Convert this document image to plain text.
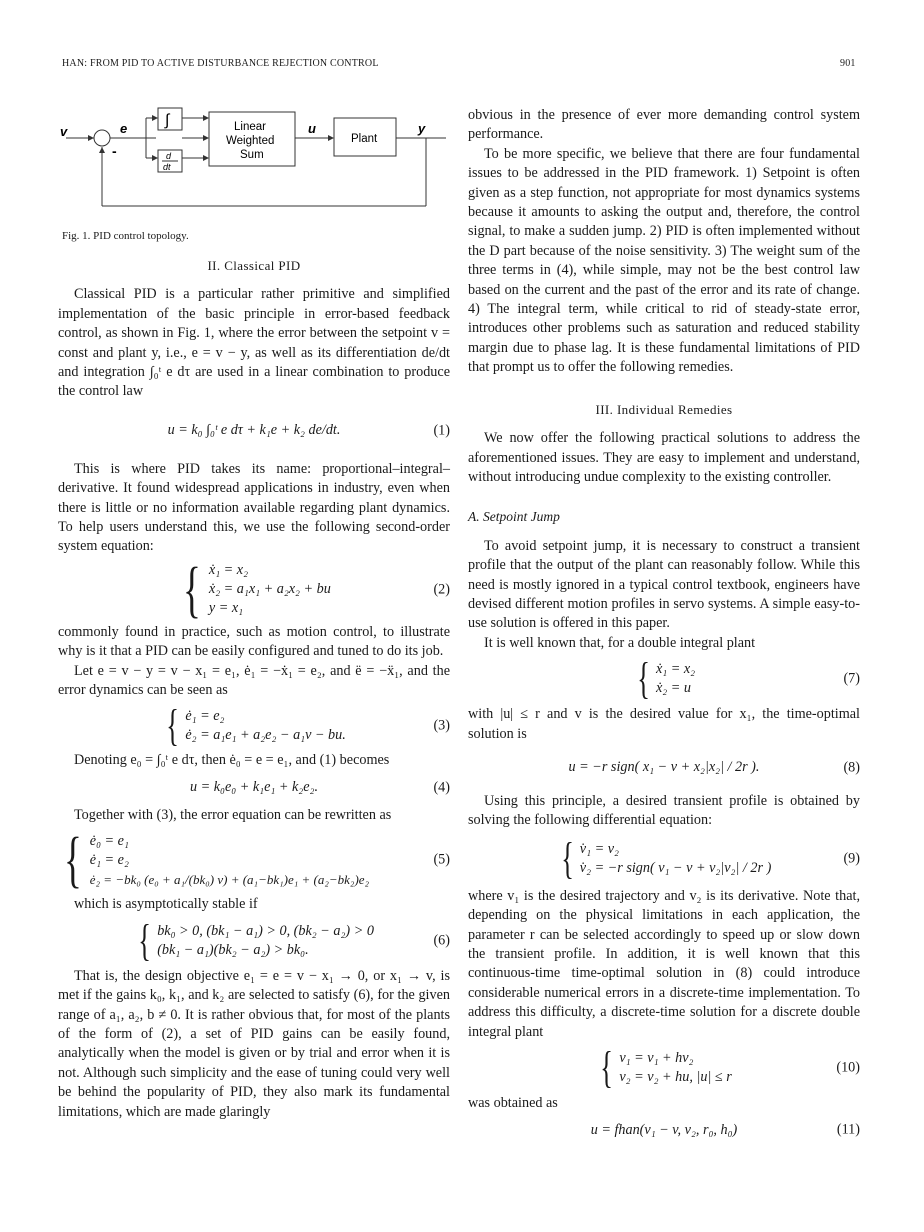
HAN: FROM PID TO ACTIVE DISTURBANCE REJECTION CONTROL	901
v	e
-
∫
d
dt
Linear
Weighted
Sum
u
Plant
y
Fig. 1. PID control topology.
II. Classical PID

Classical PID is a particular rather primitive and simplified implementation of the basic principle in error-based feedback control, as shown in Fig. 1, where the error between the setpoint v = const and plant y, i.e., e = v − y, as well as its differentiation de/dt and integration ∫₀ᵗ e dτ are used in a linear combination to produce the control law

u = k₀ ∫₀ᵗ e dτ + k₁e + k₂ de/dt.	(1)

This is where PID takes its name: proportional–integral–derivative. It found widespread applications in industry, even when there is little or no information available regarding plant dynamics. To help users understand this, we use the following second-order system equation:

{ ẋ₁ = x₂
ẋ₂ = a₁x₁ + a₂x₂ + bu
y = x₁
(2)

commonly found in practice, such as motion control, to illustrate why is it that a PID can be easily configured and tuned to do its job.

Let e = v − y = v − x₁ = e₁, ė₁ = −ẋ₁ = e₂, and ë = −ẍ₁, and the error dynamics can be seen as

{ ė₁ = e₂
ė₂ = a₁e₁ + a₂e₂ − a₁v − bu.
(3)

Denoting e₀ = ∫₀ᵗ e dτ, then ė₀ = e = e₁, and (1) becomes

u = k₀e₀ + k₁e₁ + k₂e₂.	(4)

Together with (3), the error equation can be rewritten as

{ ė₀ = e₁
ė₁ = e₂
ė₂ = −bk₀ (e₀ + a₁/(bk₀) v) + (a₁−bk₁)e₁ + (a₂−bk₂)e₂
(5)

which is asymptotically stable if

{ bk₀ > 0, (bk₁ − a₁) > 0, (bk₂ − a₂) > 0
(bk₁ − a₁)(bk₂ − a₂) > bk₀.
(6)

That is, the design objective e₁ = e = v − x₁ → 0, or x₁ → v, is met if the gains k₀, k₁, and k₂ are selected to satisfy (6), for the given range of a₁, a₂, b ≠ 0. It is rather obvious that, for most of the plants of the form of (2), a set of PID gains can be easily found, analytically when the model is given or by trial and error when it is not. Although such simplicity and the ease of tuning could very well be behind the popularity of PID, they also mark its fundamental limitations, which are made glaringly

obvious in the presence of ever more demanding control system performance.

To be more specific, we believe that there are four fundamental issues to be addressed in the PID framework. 1) Setpoint is often given as a step function, not appropriate for most dynamics systems because it amounts to asking the output and, therefore, the control signal, to make a sudden jump. 2) PID is often implemented without the D part because of the noise sensitivity. 3) The weight sum of the three terms in (4), while simple, may not be the best control law based on the current and the past of the error and its rate of change. 4) The integral term, while critical to rid of steady-state error, introduces other problems such as saturation and reduced stability margin due to phase lag. It is these fundamental limitations of PID that prompt us to offer the following remedies.

III. Individual Remedies

We now offer the following practical solutions to address the aforementioned issues. They are easy to implement and understand, without introducing undue complexity to the existing controller.

A. Setpoint Jump

To avoid setpoint jump, it is necessary to construct a transient profile that the output of the plant can reasonably follow. While this need is mostly ignored in a typical control textbook, engineers have devised different motion profiles in servo systems. A simple easy-to-use solution is offered in this paper.

It is well known that, for a double integral plant

{ ẋ₁ = x₂
ẋ₂ = u
(7)

with |u| ≤ r and v is the desired value for x₁, the time-optimal solution is

u = −r sign( x₁ − v + x₂|x₂| / 2r ).	(8)

Using this principle, a desired transient profile is obtained by solving the following differential equation:

{ v̇₁ = v₂
v̇₂ = −r sign( v₁ − v + v₂|v₂| / 2r )
(9)

where v₁ is the desired trajectory and v₂ is its derivative. Note that, depending on the physical limitations in each application, the parameter r can be selected accordingly to speed up or slow down the transient profile. In addition, it is well known that this continuous-time time-optimal solution in (8) could introduce considerable numerical errors in a discrete-time implementation. To address this difficulty, a discrete-time solution for a discrete double integral plant

{ v₁ = v₁ + hv₂
v₂ = v₂ + hu, |u| ≤ r
(10)

was obtained as

u = fhan(v₁ − v, v₂, r₀, h₀)	(11)
